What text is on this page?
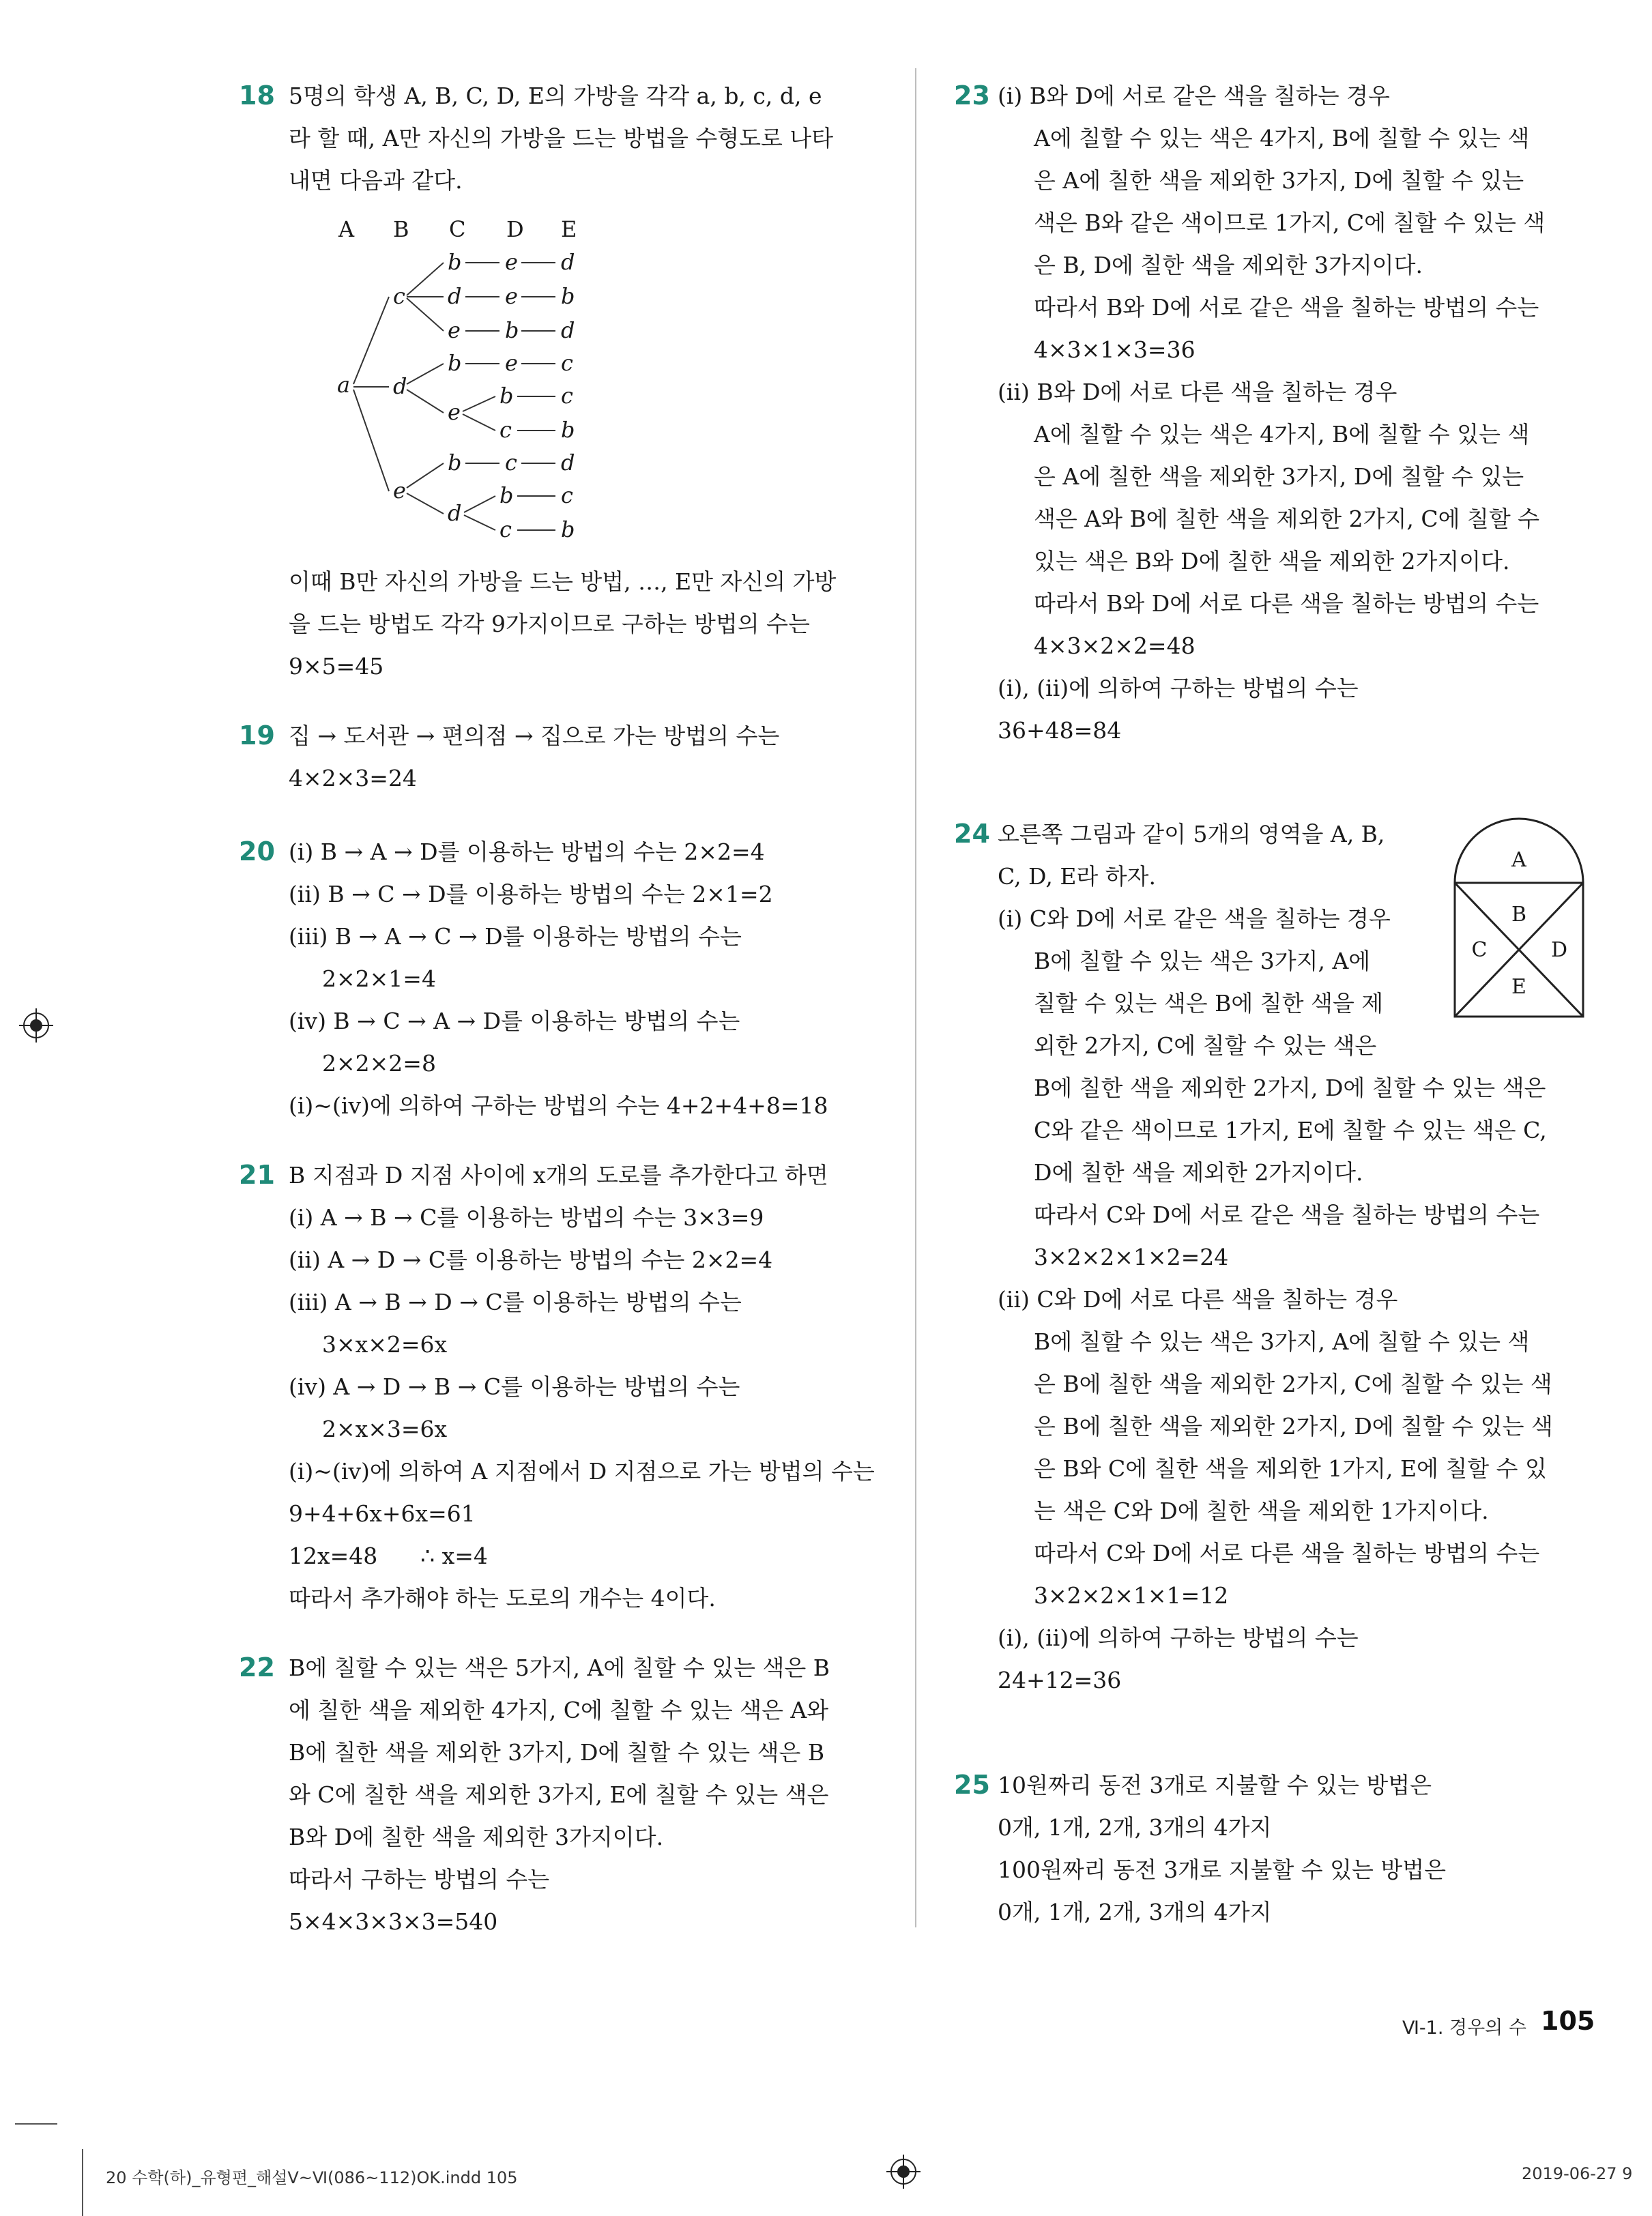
18 5명의 학생 A, B, C, D, E의 가방을 각각 a, b, c, d, e
라 할 때, A만 자신의 가방을 드는 방법을 수형도로 나타
내면 다음과 같다.
A B C D E
a
c
b e d
d e b
e b d
d
b e c
e
b c
c b
e
b c d
d
b c
c b
이때 B만 자신의 가방을 드는 방법, …, E만 자신의 가방
을 드는 방법도 각각 9가지이므로 구하는 방법의 수는
9×5=45
19 집 → 도서관 → 편의점 → 집으로 가는 방법의 수는
4×2×3=24
20 (ⅰ) B → A → D를 이용하는 방법의 수는 2×2=4
(ⅱ) B → C → D를 이용하는 방법의 수는 2×1=2
(ⅲ) B → A → C → D를 이용하는 방법의 수는
2×2×1=4
(ⅳ) B → C → A → D를 이용하는 방법의 수는
2×2×2=8
(ⅰ)~(ⅳ)에 의하여 구하는 방법의 수는 4+2+4+8=18
21 B 지점과 D 지점 사이에 x개의 도로를 추가한다고 하면
(ⅰ) A → B → C를 이용하는 방법의 수는 3×3=9
(ⅱ) A → D → C를 이용하는 방법의 수는 2×2=4
(ⅲ) A → B → D → C를 이용하는 방법의 수는
3×x×2=6x
(ⅳ) A → D → B → C를 이용하는 방법의 수는
2×x×3=6x
(ⅰ)~(ⅳ)에 의하여 A 지점에서 D 지점으로 가는 방법의 수는
9+4+6x+6x=61
12x=48      ∴ x=4
따라서 추가해야 하는 도로의 개수는 4이다.
22 B에 칠할 수 있는 색은 5가지, A에 칠할 수 있는 색은 B
에 칠한 색을 제외한 4가지, C에 칠할 수 있는 색은 A와
B에 칠한 색을 제외한 3가지, D에 칠할 수 있는 색은 B
와 C에 칠한 색을 제외한 3가지, E에 칠할 수 있는 색은
B와 D에 칠한 색을 제외한 3가지이다.
따라서 구하는 방법의 수는
5×4×3×3×3=540
23 (ⅰ) B와 D에 서로 같은 색을 칠하는 경우
A에 칠할 수 있는 색은 4가지, B에 칠할 수 있는 색
은 A에 칠한 색을 제외한 3가지, D에 칠할 수 있는
색은 B와 같은 색이므로 1가지, C에 칠할 수 있는 색
은 B, D에 칠한 색을 제외한 3가지이다.
따라서 B와 D에 서로 같은 색을 칠하는 방법의 수는
4×3×1×3=36
(ⅱ) B와 D에 서로 다른 색을 칠하는 경우
A에 칠할 수 있는 색은 4가지, B에 칠할 수 있는 색
은 A에 칠한 색을 제외한 3가지, D에 칠할 수 있는
색은 A와 B에 칠한 색을 제외한 2가지, C에 칠할 수
있는 색은 B와 D에 칠한 색을 제외한 2가지이다.
따라서 B와 D에 서로 다른 색을 칠하는 방법의 수는
4×3×2×2=48
(ⅰ), (ⅱ)에 의하여 구하는 방법의 수는
36+48=84
24 오른쪽 그림과 같이 5개의 영역을 A, B,
C, D, E라 하자.
(ⅰ) C와 D에 서로 같은 색을 칠하는 경우
B에 칠할 수 있는 색은 3가지, A에
칠할 수 있는 색은 B에 칠한 색을 제
외한 2가지, C에 칠할 수 있는 색은
B에 칠한 색을 제외한 2가지, D에 칠할 수 있는 색은
C와 같은 색이므로 1가지, E에 칠할 수 있는 색은 C,
D에 칠한 색을 제외한 2가지이다.
따라서 C와 D에 서로 같은 색을 칠하는 방법의 수는
3×2×2×1×2=24
(ⅱ) C와 D에 서로 다른 색을 칠하는 경우
B에 칠할 수 있는 색은 3가지, A에 칠할 수 있는 색
은 B에 칠한 색을 제외한 2가지, C에 칠할 수 있는 색
은 B에 칠한 색을 제외한 2가지, D에 칠할 수 있는 색
은 B와 C에 칠한 색을 제외한 1가지, E에 칠할 수 있
는 색은 C와 D에 칠한 색을 제외한 1가지이다.
따라서 C와 D에 서로 다른 색을 칠하는 방법의 수는
3×2×2×1×1=12
(ⅰ), (ⅱ)에 의하여 구하는 방법의 수는
24+12=36
A
B
C	D
E
25 10원짜리 동전 3개로 지불할 수 있는 방법은
0개, 1개, 2개, 3개의 4가지
100원짜리 동전 3개로 지불할 수 있는 방법은
0개, 1개, 2개, 3개의 4가지
Ⅵ-1. 경우의 수 105
20 수학(하)_유형편_해설Ⅴ~Ⅵ(086~112)OK.indd 105	2019-06-27 9
